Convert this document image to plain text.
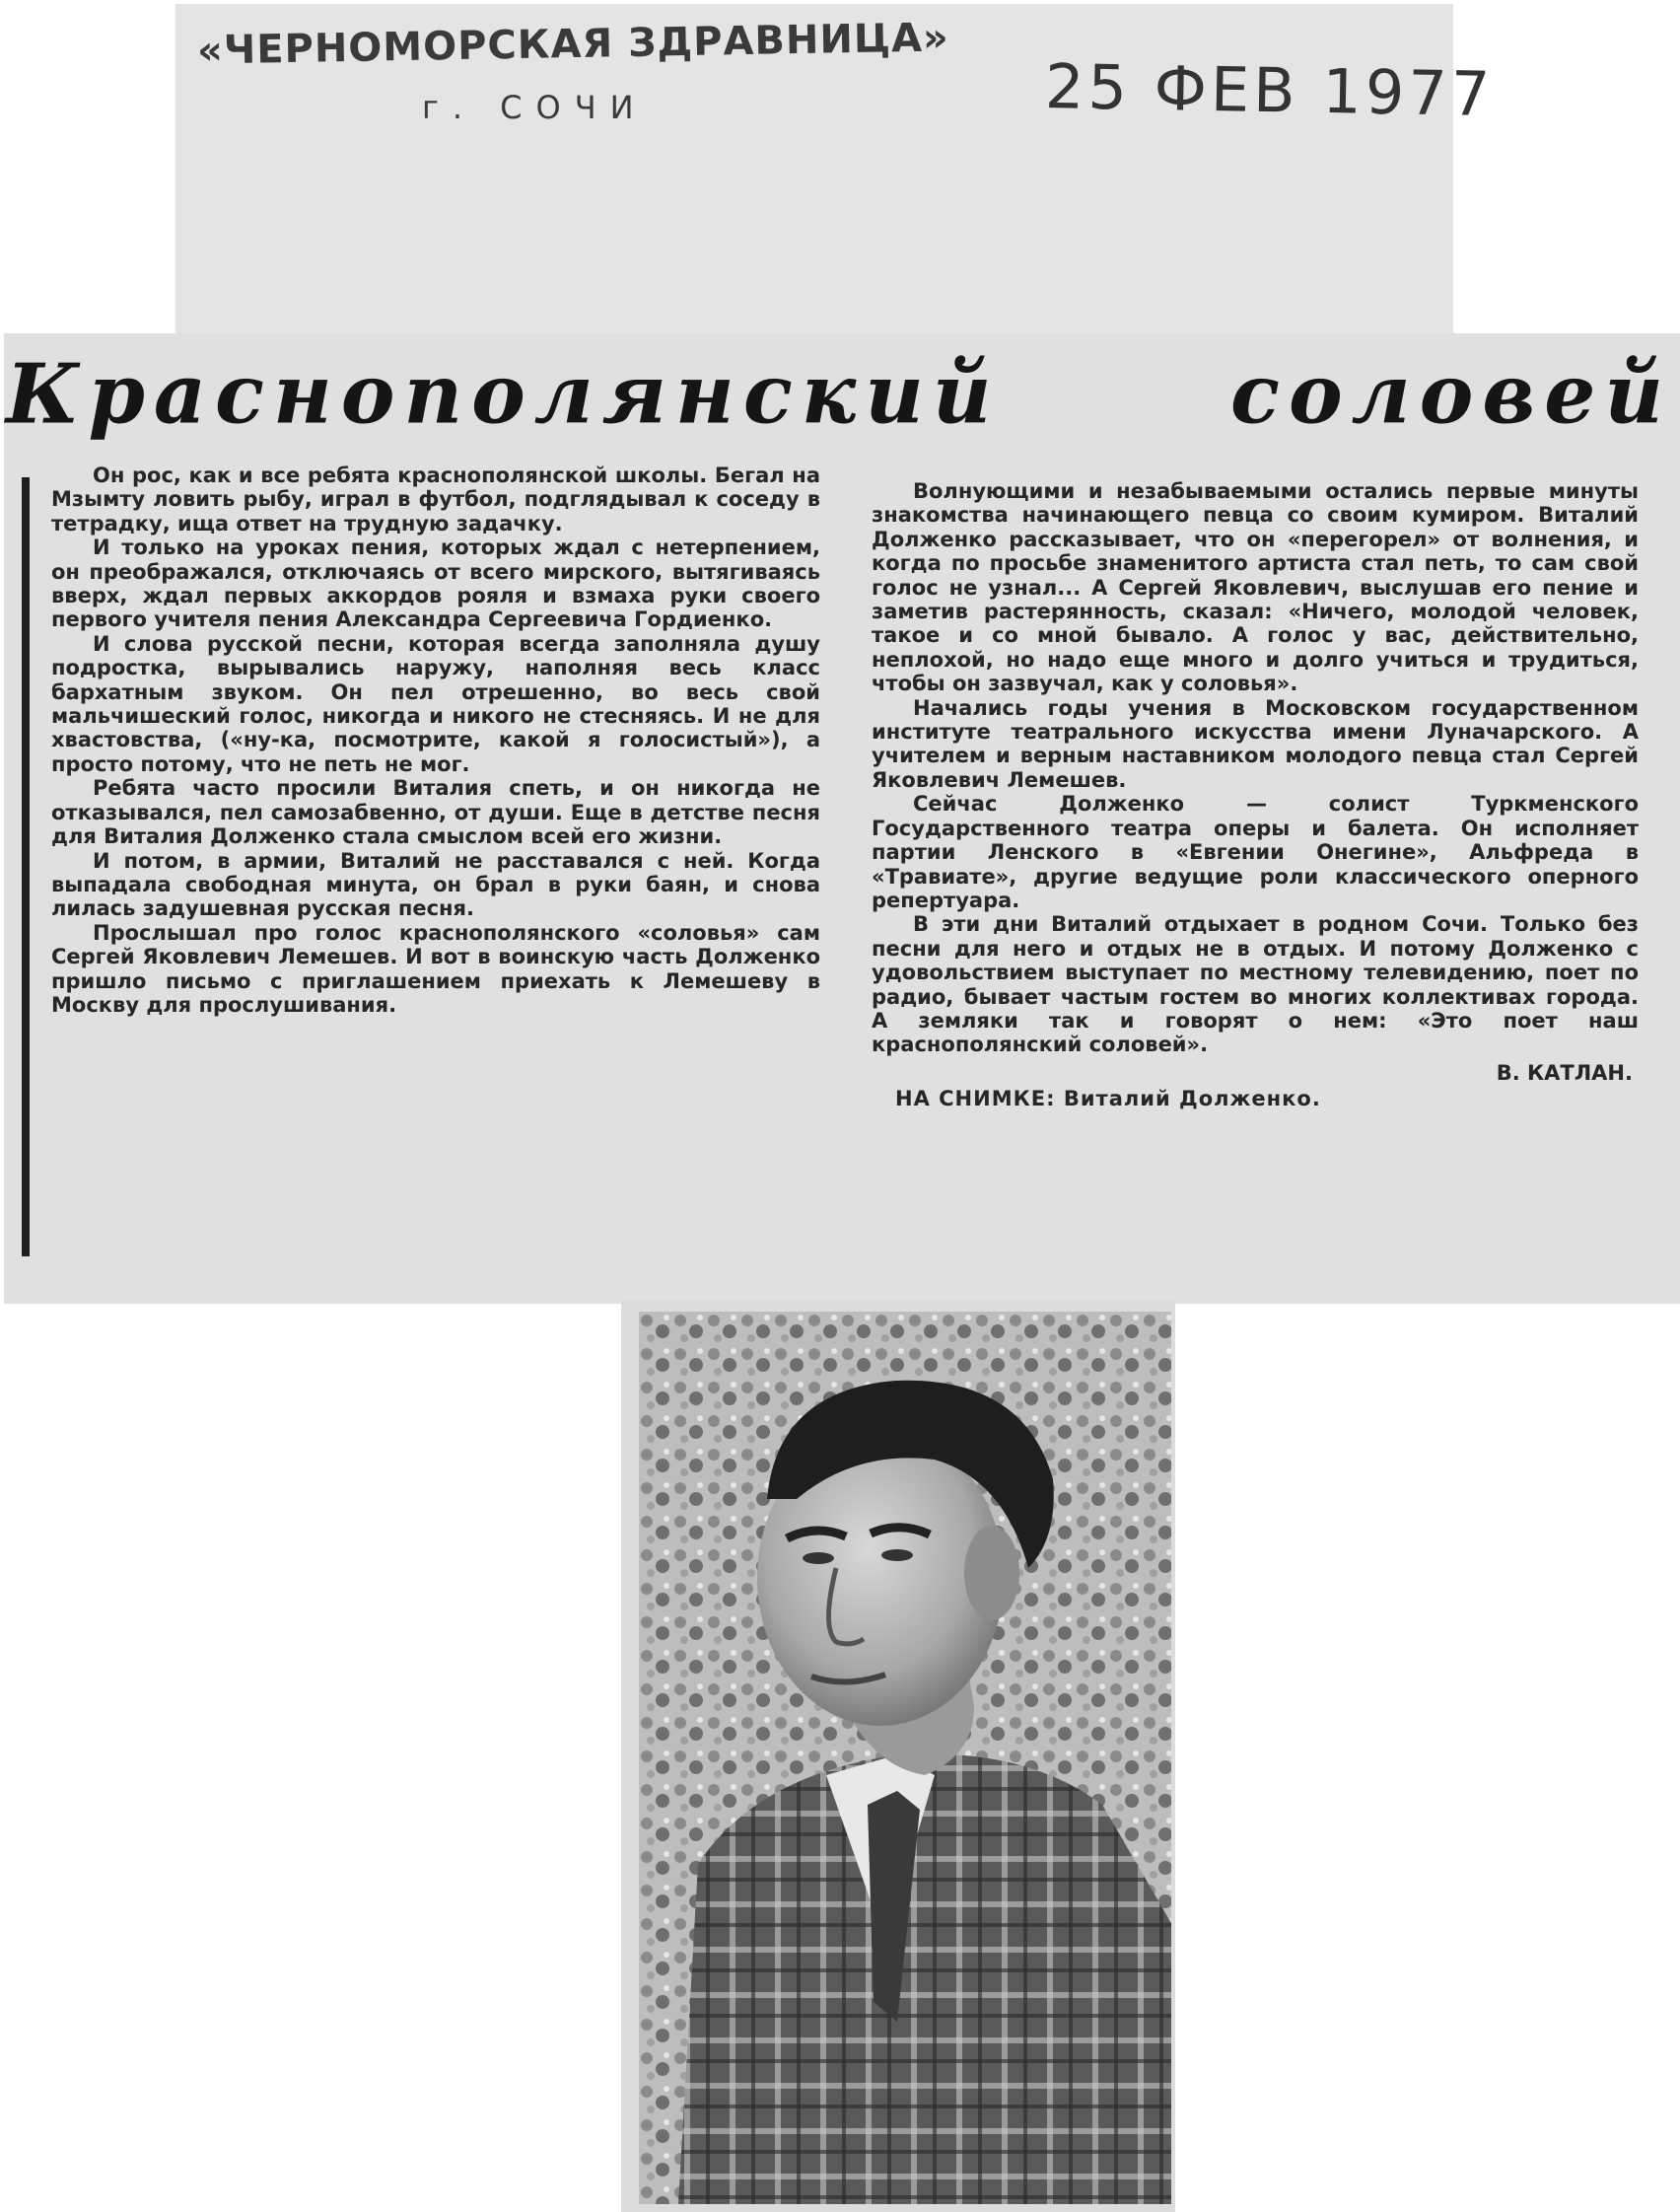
«ЧЕРНОМОРСКАЯ ЗДРАВНИЦА»
г. СОЧИ	25 ФЕВ 1977
Краснополянский	соловей

Он рос, как и все ребята краснополянской школы. Бегал на Мзымту ловить рыбу, играл в футбол, подглядывал к соседу в тетрадку, ища ответ на трудную задачку.

И только на уроках пения, которых ждал с нетерпением, он преображался, отключаясь от всего мирского, вытягиваясь вверх, ждал первых аккордов рояля и взмаха руки своего первого учителя пения Александра Сергеевича Гордиенко.

И слова русской песни, которая всегда заполняла душу подростка, вырывались наружу, наполняя весь класс бархатным звуком. Он пел отрешенно, во весь свой мальчишеский голос, никогда и никого не стесняясь. И не для хвастовства, («ну-ка, посмотрите, какой я голосистый»), а просто потому, что не петь не мог.

Ребята часто просили Виталия спеть, и он никогда не отказывался, пел самозабвенно, от души. Еще в детстве песня для Виталия Долженко стала смыслом всей его жизни.

И потом, в армии, Виталий не расставался с ней. Когда выпадала свободная минута, он брал в руки баян, и снова лилась задушевная русская песня.

Прослышал про голос краснополянского «соловья» сам Сергей Яковлевич Лемешев. И вот в воинскую часть Долженко пришло письмо с приглашением приехать к Лемешеву в Москву для прослушивания.

Волнующими и незабываемыми остались первые минуты знакомства начинающего певца со своим кумиром. Виталий Долженко рассказывает, что он «перегорел» от волнения, и когда по просьбе знаменитого артиста стал петь, то сам свой голос не узнал... А Сергей Яковлевич, выслушав его пение и заметив растерянность, сказал: «Ничего, молодой человек, такое и со мной бывало. А голос у вас, действительно, неплохой, но надо еще много и долго учиться и трудиться, чтобы он зазвучал, как у соловья».

Начались годы учения в Московском государственном институте театрального искусства имени Луначарского. А учителем и верным наставником молодого певца стал Сергей Яковлевич Лемешев.

Сейчас Долженко — солист Туркменского Государственного театра оперы и балета. Он исполняет партии Ленского в «Евгении Онегине», Альфреда в «Травиате», другие ведущие роли классического оперного репертуара.

В эти дни Виталий отдыхает в родном Сочи. Только без песни для него и отдых не в отдых. И потому Долженко с удовольствием выступает по местному телевидению, поет по радио, бывает частым гостем во многих коллективах города. А земляки так и говорят о нем: «Это поет наш краснополянский соловей».

В. КАТЛАН.
НА СНИМКЕ: Виталий Долженко.
